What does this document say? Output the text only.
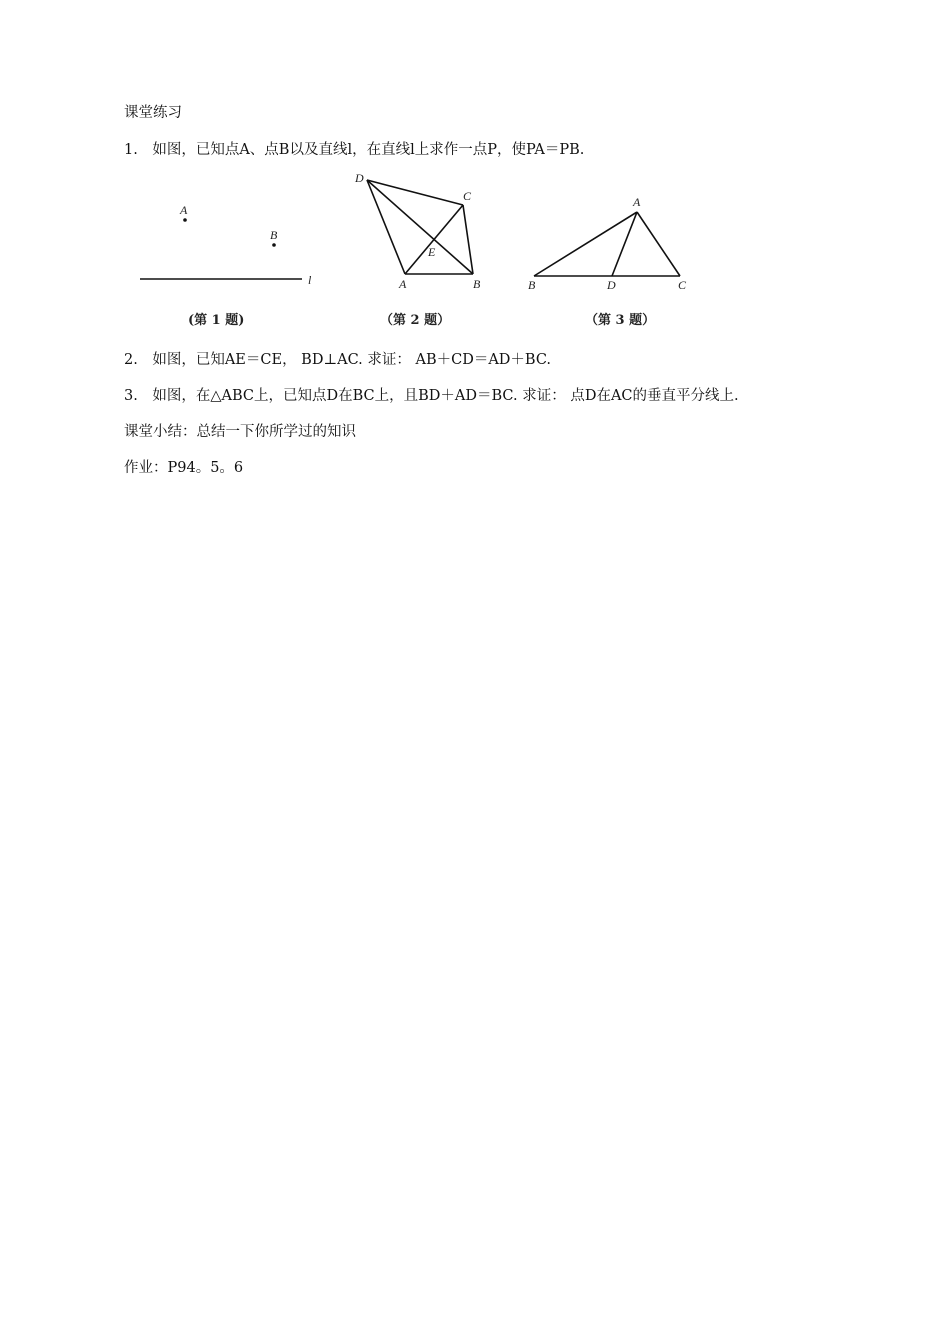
课堂练习
1.　如图，已知点A、点B以及直线l，在直线l上求作一点P，使PA＝PB.
A
B
l
(第 1 题)
D
C
E
A	B
（第 2 题）
A
B	D	C
（第 3 题）
2.　如图，已知AE＝CE， BD⊥AC. 求证： AB＋CD＝AD＋BC.
3.　如图，在△ABC上，已知点D在BC上，且BD＋AD＝BC. 求证： 点D在AC的垂直平分线上.
课堂小结：总结一下你所学过的知识
作业：P94。5。6
